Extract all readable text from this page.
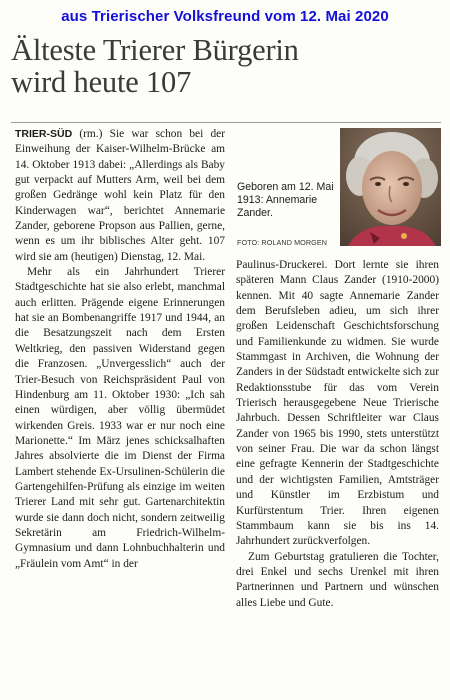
aus Trierischer Volksfreund vom 12. Mai 2020
Älteste Trierer Bürgerin
wird heute 107

TRIER-SÜD (rm.) Sie war schon bei der Einweihung der Kaiser-Wilhelm-Brücke am 14. Oktober 1913 dabei: „Allerdings als Baby gut verpackt auf Mutters Arm, weil bei dem großen Gedränge wohl kein Platz für den Kinderwagen war“, berichtet Annemarie Zander, geborene Propson aus Pallien, gerne, wenn es um ihr biblisches Alter geht. 107 wird sie am (heutigen) Dienstag, 12. Mai.

Mehr als ein Jahrhundert Trierer Stadtgeschichte hat sie also erlebt, manchmal auch erlitten. Prägende eigene Erinnerungen hat sie an Bombenangriffe 1917 und 1944, an die Besatzungszeit nach dem Ersten Weltkrieg, den passiven Widerstand gegen die Franzosen. „Unvergesslich“ auch der Trier-Besuch von Reichspräsident Paul von Hindenburg am 11. Oktober 1930: „Ich sah einen würdigen, aber völlig übermüdet wirkenden Greis. 1933 war er nur noch eine Marionette.“ Im März jenes schicksalhaften Jahres absolvierte die im Dienst der Firma Lambert stehende Ex-Ursulinen-Schülerin die Gartengehilfen-Prüfung als einzige im weiten Trierer Land mit sehr gut. Gartenarchitektin wurde sie dann doch nicht, sondern zeitweilig Sekretärin am Friedrich-Wilhelm-Gymnasium und dann Lohnbuchhalterin und „Fräulein vom Amt“ in der

Geboren am 12. Mai 1913: Annemarie Zander.
FOTO: ROLAND MORGEN

Paulinus-Druckerei. Dort lernte sie ihren späteren Mann Claus Zander (1910-2000) kennen. Mit 40 sagte Annemarie Zander dem Berufsleben adieu, um sich ihrer großen Leidenschaft Geschichtsforschung und Familienkunde zu widmen. Sie wurde Stammgast in Archiven, die Wohnung der Zanders in der Südstadt entwickelte sich zur Redaktionsstube für das vom Verein Trierisch herausgegebene Neue Trierische Jahrbuch. Dessen Schriftleiter war Claus Zander von 1965 bis 1990, stets unterstützt von seiner Frau. Die war da schon längst eine gefragte Kennerin der Stadtgeschichte und der wichtigsten Familien, Amtsträger und Künstler im Erzbistum und Kurfürstentum Trier. Ihren eigenen Stammbaum kann sie bis ins 14. Jahrhundert zurückverfolgen.

Zum Geburtstag gratulieren die Tochter, drei Enkel und sechs Urenkel mit ihren Partnerinnen und Partnern und wünschen alles Liebe und Gute.
